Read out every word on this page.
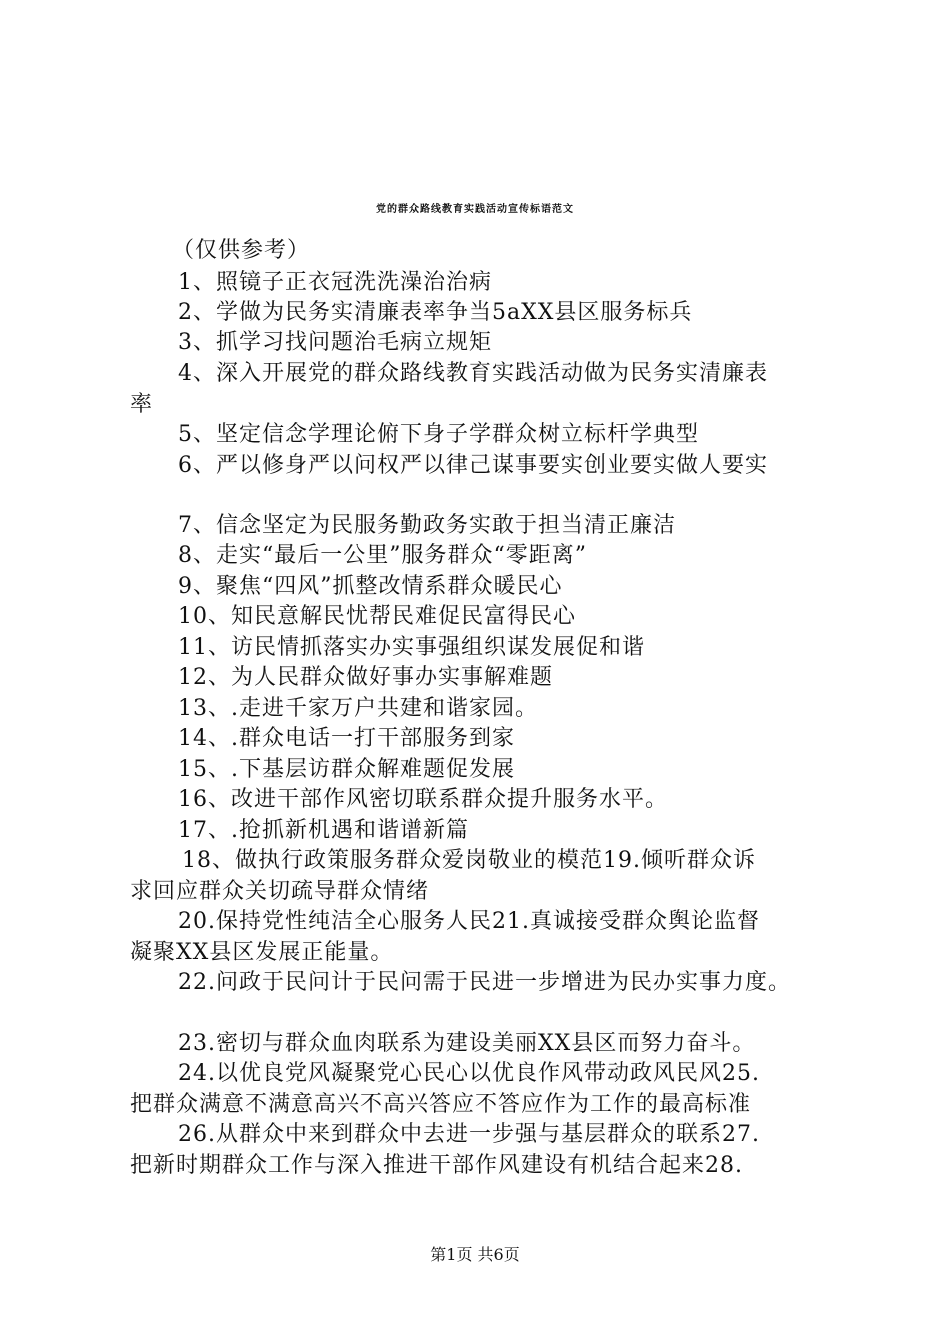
党的群众路线教育实践活动宣传标语范文
（仅供参考）
1、照镜子正衣冠洗洗澡治治病
2、学做为民务实清廉表率争当5aXX县区服务标兵
3、抓学习找问题治毛病立规矩
4、深入开展党的群众路线教育实践活动做为民务实清廉表
率
5、坚定信念学理论俯下身子学群众树立标杆学典型
6、严以修身严以问权严以律己谋事要实创业要实做人要实
7、信念坚定为民服务勤政务实敢于担当清正廉洁
8、走实“最后一公里”服务群众“零距离”
9、聚焦“四风”抓整改情系群众暖民心
10、知民意解民忧帮民难促民富得民心
11、访民情抓落实办实事强组织谋发展促和谐
12、为人民群众做好事办实事解难题
13、.走进千家万户共建和谐家园。
14、.群众电话一打干部服务到家
15、.下基层访群众解难题促发展
16、改进干部作风密切联系群众提升服务水平。
17、.抢抓新机遇和谐谱新篇
18、做执行政策服务群众爱岗敬业的模范19.倾听群众诉
求回应群众关切疏导群众情绪
20.保持党性纯洁全心服务人民21.真诚接受群众舆论监督
凝聚XX县区发展正能量。
22.问政于民问计于民问需于民进一步增进为民办实事力度。
23.密切与群众血肉联系为建设美丽XX县区而努力奋斗。
24.以优良党风凝聚党心民心以优良作风带动政风民风25.
把群众满意不满意高兴不高兴答应不答应作为工作的最高标准
26.从群众中来到群众中去进一步强与基层群众的联系27.
把新时期群众工作与深入推进干部作风建设有机结合起来28.
第1页 共6页
